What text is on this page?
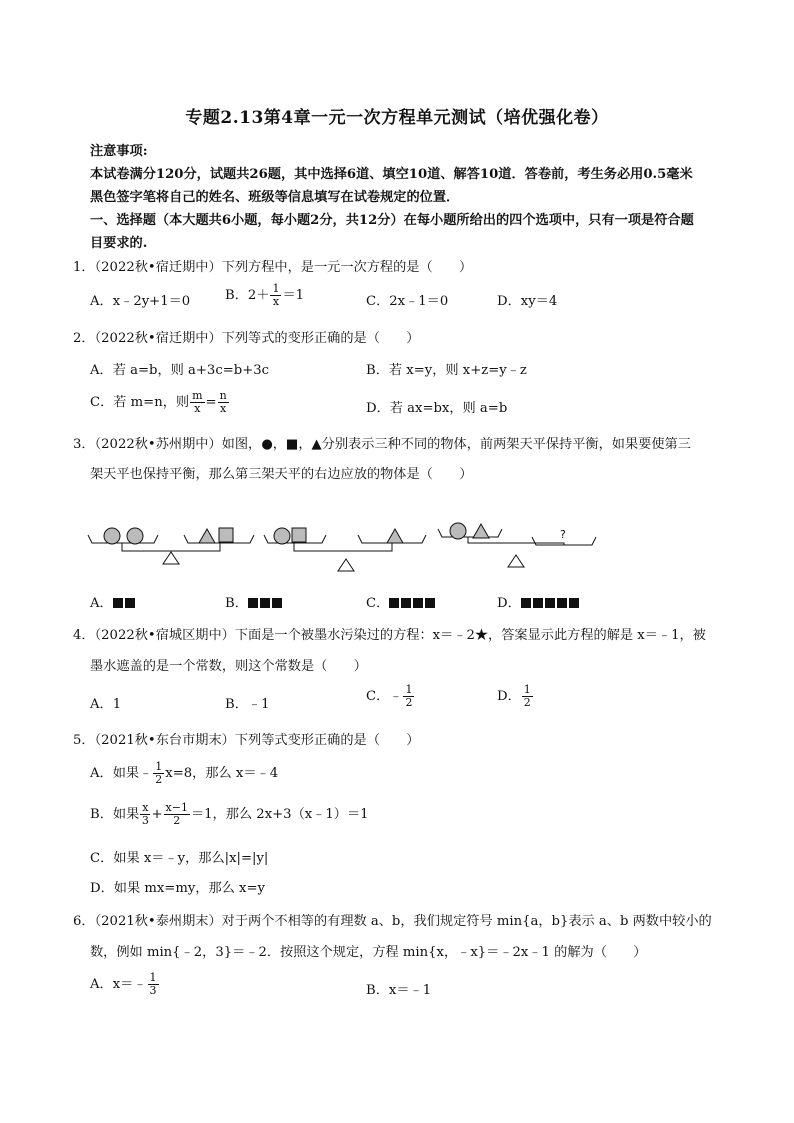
专题2.13第4章一元一次方程单元测试（培优强化卷）
注意事项:
本试卷满分120分，试题共26题，其中选择6道、填空10道、解答10道．答卷前，考生务必用0.5毫米
黑色签字笔将自己的姓名、班级等信息填写在试卷规定的位置．
一、选择题（本大题共6小题，每小题2分，共12分）在每小题所给出的四个选项中，只有一项是符合题
目要求的.
1．（2022秋•宿迁期中）下列方程中，是一元一次方程的是（　　）
A．x﹣2y+1＝0	B．$2+ \frac{1}{x} =1$	C．2x﹣1＝0	D．xy＝4
2．（2022秋•宿迁期中）下列等式的变形正确的是（　　）
A．若 a=b，则 a+3c=b+3c	B．若 x=y，则 x+z=y﹣z
C．若 m=n，则 $\frac{m}{x} = \frac{n}{x}$	D．若 ax=bx，则 a=b
3．（2022秋•苏州期中）如图，●，■，▲分别表示三种不同的物体，前两架天平保持平衡，如果要使第三
架天平也保持平衡，那么第三架天平的右边应放的物体是（　　）
?
A．	B．	C．	D．
4．（2022秋•宿城区期中）下面是一个被墨水污染过的方程：x＝﹣2★，答案显示此方程的解是 x＝﹣1，被
墨水遮盖的是一个常数，则这个常数是（　　）
A．1	B．﹣1
C．﹣ $\frac{1}{2}$	D． $\frac{1}{2}$
5．（2021秋•东台市期末）下列等式变形正确的是（　　）
A．如果﹣ $\frac{1}{2} x=8$，那么 x＝﹣4
B．如果 $\frac{x}{3} + \frac{x-1}{2} =1$，那么 2x+3（x﹣1）＝1
C．如果 x＝﹣y，那么|x|=|y|
D．如果 mx=my，那么 x=y
6．（2021秋•泰州期末）对于两个不相等的有理数 a、b，我们规定符号 min{a，b}表示 a、b 两数中较小的
数，例如 min{﹣2，3}＝﹣2．按照这个规定，方程 min{x，﹣x}＝﹣2x﹣1 的解为（　　）
A．x＝﹣ $\frac{1}{3}$	B．x＝﹣1
